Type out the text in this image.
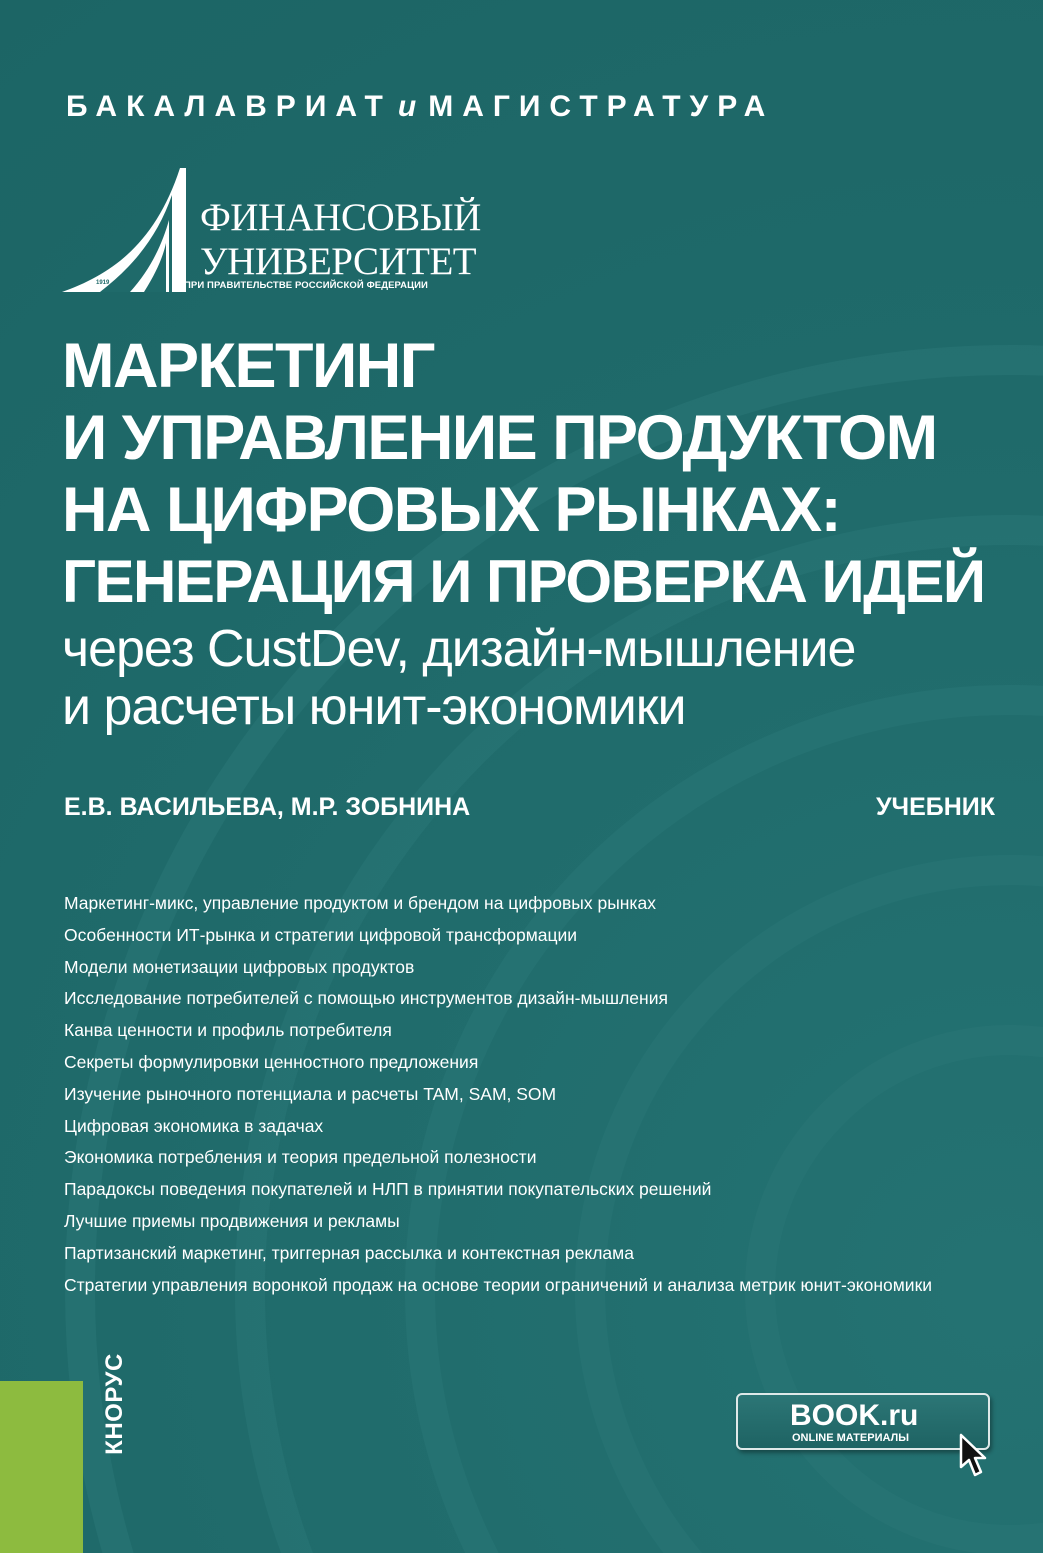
БАКАЛАВРИАТ и МАГИСТРАТУРА
1919
ФИНАНСОВЫЙ
УНИВЕРСИТЕТ
ПРИ ПРАВИТЕЛЬСТВЕ РОССИЙСКОЙ ФЕДЕРАЦИИ
МАРКЕТИНГ
И УПРАВЛЕНИЕ ПРОДУКТОМ
НА ЦИФРОВЫХ РЫНКАХ:
ГЕНЕРАЦИЯ И ПРОВЕРКА ИДЕЙ
через CustDev, дизайн-мышление
и расчеты юнит-экономики
Е.В. ВАСИЛЬЕВА, М.Р. ЗОБНИНА	УЧЕБНИК
Маркетинг-микс, управление продуктом и брендом на цифровых рынках
Особенности ИТ-рынка и стратегии цифровой трансформации
Модели монетизации цифровых продуктов
Исследование потребителей с помощью инструментов дизайн-мышления
Канва ценности и профиль потребителя
Секреты формулировки ценностного предложения
Изучение рыночного потенциала и расчеты TAM, SAM, SOM
Цифровая экономика в задачах
Экономика потребления и теория предельной полезности
Парадоксы поведения покупателей и НЛП в принятии покупательских решений
Лучшие приемы продвижения и рекламы
Партизанский маркетинг, триггерная рассылка и контекстная реклама
Стратегии управления воронкой продаж на основе теории ограничений и анализа метрик юнит-экономики
КНОРУС	BOOK.ru
ONLINE МАТЕРИАЛЫ
